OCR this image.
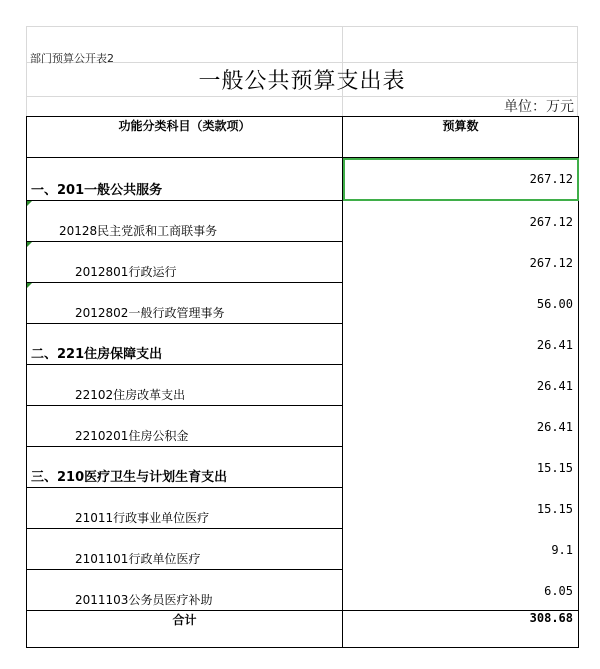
部门预算公开表2
一般公共预算支出表
单位：万元
功能分类科目（类款项）	预算数

一、201一般公共服务	267.12

20128民主党派和工商联事务	267.12

2012801行政运行	267.12

2012802一般行政管理事务	56.00

二、221住房保障支出	26.41

22102住房改革支出	26.41

2210201住房公积金	26.41

三、210医疗卫生与计划生育支出	15.15

21011行政事业单位医疗	15.15

2101101行政单位医疗	9.1

2011103公务员医疗补助	6.05

合计	308.68
